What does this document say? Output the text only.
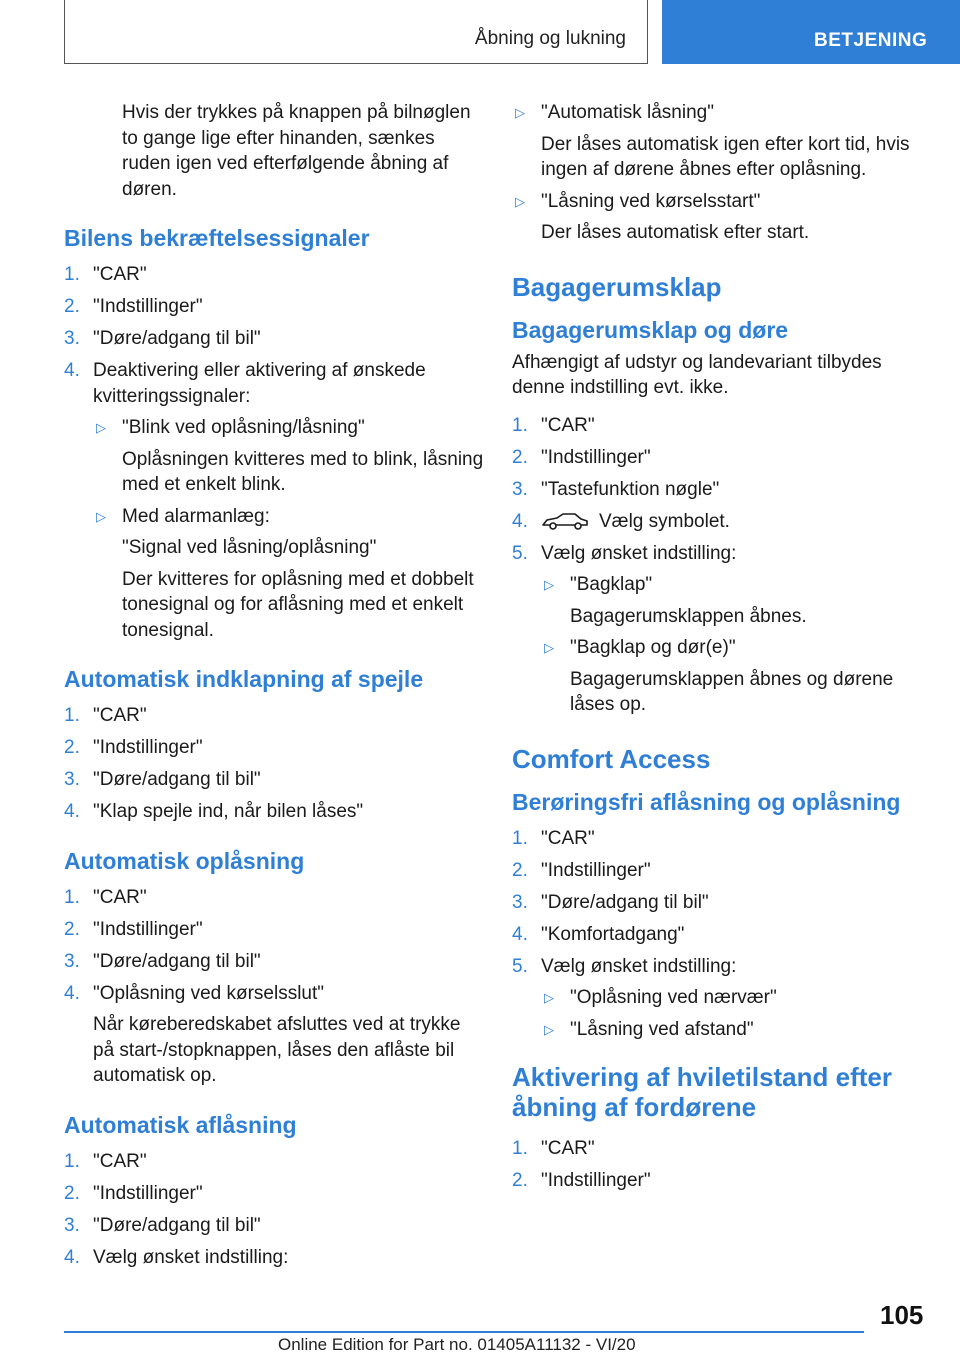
Åbning og lukning	BETJENING

Hvis der trykkes på knappen på bilnøglen to gange lige efter hinanden, sænkes ruden igen ved efterfølgende åbning af døren.

Bilens bekræftelsessignaler
1. "CAR"
2. "Indstillinger"
3. "Døre/adgang til bil"
4. Deaktivering eller aktivering af ønskede kvitteringssignaler:
▷ "Blink ved oplåsning/låsning"
Oplåsningen kvitteres med to blink, låsning med et enkelt blink.
▷ Med alarmanlæg:
"Signal ved låsning/oplåsning"
Der kvitteres for oplåsning med et dobbelt tonesignal og for aflåsning med et enkelt tonesignal.
Automatisk indklapning af spejle
1. "CAR"
2. "Indstillinger"
3. "Døre/adgang til bil"
4. "Klap spejle ind, når bilen låses"
Automatisk oplåsning
1. "CAR"
2. "Indstillinger"
3. "Døre/adgang til bil"
4. "Oplåsning ved kørselsslut"
Når køreberedskabet afsluttes ved at trykke på start-/stopknappen, låses den aflåste bil automatisk op.
Automatisk aflåsning
1. "CAR"
2. "Indstillinger"
3. "Døre/adgang til bil"
4. Vælg ønsket indstilling:
▷ "Automatisk låsning"
Der låses automatisk igen efter kort tid, hvis ingen af dørene åbnes efter oplåsning.
▷ "Låsning ved kørselsstart"
Der låses automatisk efter start.
Bagagerumsklap
Bagagerumsklap og døre

Afhængigt af udstyr og landevariant tilbydes denne indstilling evt. ikke.

1. "CAR"
2. "Indstillinger"
3. "Tastefunktion nøgle"
4.	Vælg symbolet.
5. Vælg ønsket indstilling:
▷ "Bagklap"
Bagagerumsklappen åbnes.
▷ "Bagklap og dør(e)"
Bagagerumsklappen åbnes og dørene låses op.
Comfort Access
Berøringsfri aflåsning og oplåsning
1. "CAR"
2. "Indstillinger"
3. "Døre/adgang til bil"
4. "Komfortadgang"
5. Vælg ønsket indstilling:
▷ "Oplåsning ved nærvær"
▷ "Låsning ved afstand"
Aktivering af hviletilstand efter åbning af fordørene
1. "CAR"
2. "Indstillinger"
105
Online Edition for Part no. 01405A11132 - VI/20
